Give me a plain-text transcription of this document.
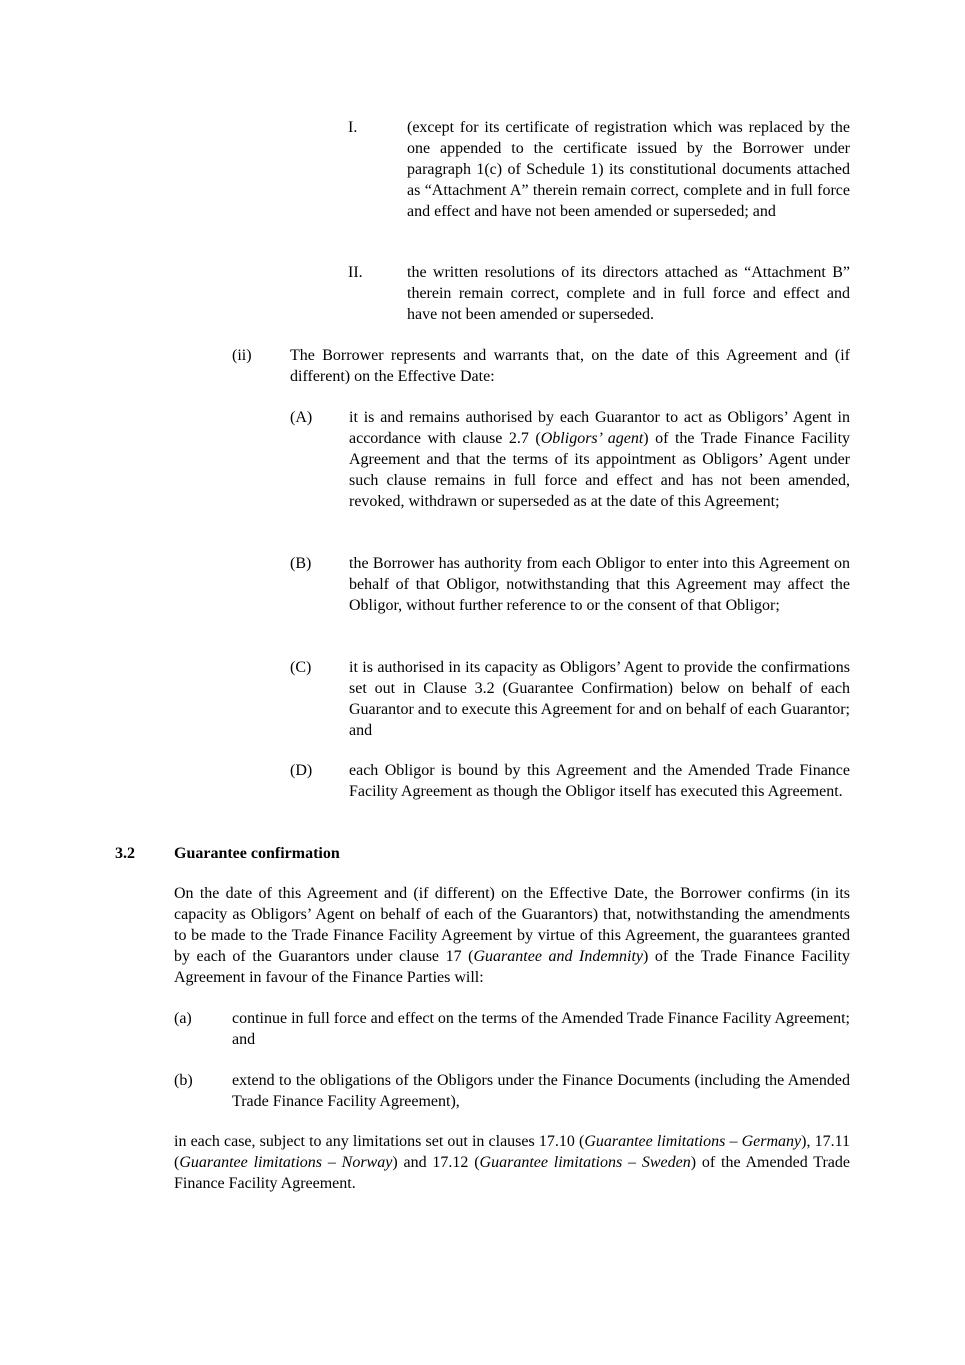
I.	(except for its certificate of registration which was replaced by the one appended to the certificate issued by the Borrower under paragraph 1(c) of Schedule 1) its constitutional documents attached as “Attachment A” therein remain correct, complete and in full force and effect and have not been amended or superseded; and
II.	the written resolutions of its directors attached as “Attachment B” therein remain correct, complete and in full force and effect and have not been amended or superseded.
(ii) The Borrower represents and warrants that, on the date of this Agreement and (if different) on the Effective Date:
(A) it is and remains authorised by each Guarantor to act as Obligors’ Agent in accordance with clause 2.7 (Obligors’ agent) of the Trade Finance Facility Agreement and that the terms of its appointment as Obligors’ Agent under such clause remains in full force and effect and has not been amended, revoked, withdrawn or superseded as at the date of this Agreement;
(B) the Borrower has authority from each Obligor to enter into this Agreement on behalf of that Obligor, notwithstanding that this Agreement may affect the Obligor, without further reference to or the consent of that Obligor;
(C) it is authorised in its capacity as Obligors’ Agent to provide the confirmations set out in Clause 3.2 (Guarantee Confirmation) below on behalf of each Guarantor and to execute this Agreement for and on behalf of each Guarantor; and
(D) each Obligor is bound by this Agreement and the Amended Trade Finance Facility Agreement as though the Obligor itself has executed this Agreement.
3.2 Guarantee confirmation
On the date of this Agreement and (if different) on the Effective Date, the Borrower confirms (in its capacity as Obligors’ Agent on behalf of each of the Guarantors) that, notwithstanding the amendments to be made to the Trade Finance Facility Agreement by virtue of this Agreement, the guarantees granted by each of the Guarantors under clause 17 (Guarantee and Indemnity) of the Trade Finance Facility Agreement in favour of the Finance Parties will:
(a)	continue in full force and effect on the terms of the Amended Trade Finance Facility Agreement; and
(b) extend to the obligations of the Obligors under the Finance Documents (including the Amended Trade Finance Facility Agreement),
in each case, subject to any limitations set out in clauses 17.10 (Guarantee limitations – Germany), 17.11 (Guarantee limitations – Norway) and 17.12 (Guarantee limitations – Sweden) of the Amended Trade Finance Facility Agreement.
